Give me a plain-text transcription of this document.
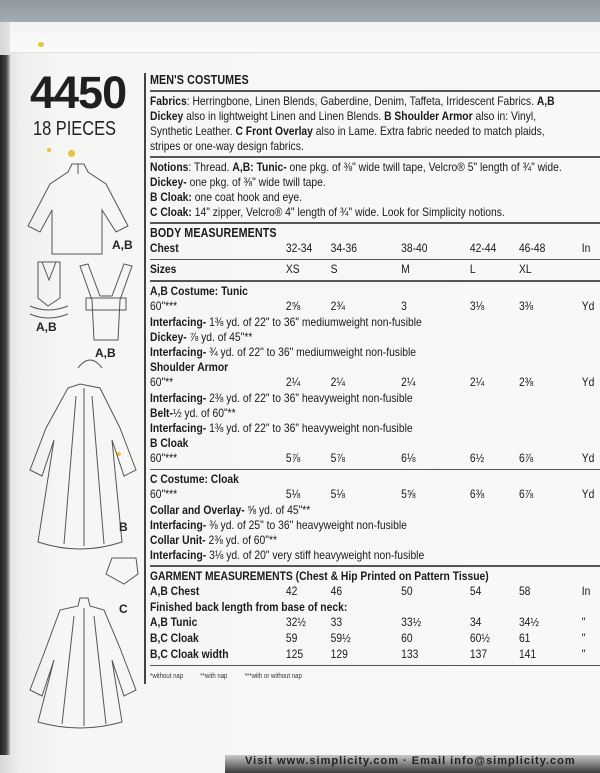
4450
18 PIECES
A,B
A,B
A,B
B
C
MEN'S COSTUMES
Fabrics: Herringbone, Linen Blends, Gaberdine, Denim, Taffeta, Irridescent Fabrics. A,B
Dickey also in lightweight Linen and Linen Blends. B Shoulder Armor also in: Vinyl,
Synthetic Leather. C Front Overlay also in Lame. Extra fabric needed to match plaids,
stripes or one-way design fabrics.
Notions: Thread. A,B: Tunic- one pkg. of ⅜" wide twill tape, Velcro® 5" length of ¾" wide.
Dickey- one pkg. of ⅜" wide twill tape.
B Cloak: one coat hook and eye.
C Cloak: 14" zipper, Velcro® 4" length of ¾" wide. Look for Simplicity notions.
BODY MEASUREMENTS
Chest	32-34 34-36	38-40	42-44 46-48	In
Sizes	XS	S	M	L	XL
A,B Costume: Tunic
60"***	2⅝	2¾	3	3⅛	3⅜	Yd
Interfacing- 1⅜ yd. of 22" to 36" mediumweight non-fusible
Dickey- ⅞ yd. of 45"**
Interfacing- ¾ yd. of 22" to 36" mediumweight non-fusible
Shoulder Armor
60"**	2¼	2¼	2¼	2¼	2⅜	Yd
Interfacing- 2⅜ yd. of 22" to 36" heavyweight non-fusible
Belt-½ yd. of 60"**
Interfacing- 1⅜ yd. of 22" to 36" heavyweight non-fusible
B Cloak
60"***	5⅞	5⅞	6⅛	6½	6⅞	Yd
C Costume: Cloak
60"***	5⅛	5⅛	5⅝	6⅜	6⅞	Yd
Collar and Overlay- ⅝ yd. of 45"**
Interfacing- ⅜ yd. of 25" to 36" heavyweight non-fusible
Collar Unit- 2⅜ yd. of 60"**
Interfacing- 3⅛ yd. of 20" very stiff heavyweight non-fusible
GARMENT MEASUREMENTS (Chest & Hip Printed on Pattern Tissue)
A,B Chest	42	46	50	54	58	In
Finished back length from base of neck:
A,B Tunic	32½ 33	33½	34	34½	"
B,C Cloak	59	59½	60	60½ 61	"
B,C Cloak width	125 129	133	137	141	"
*without nap **with nap ***with or without nap
Visit www.simplicity.com · Email info@simplicity.com
